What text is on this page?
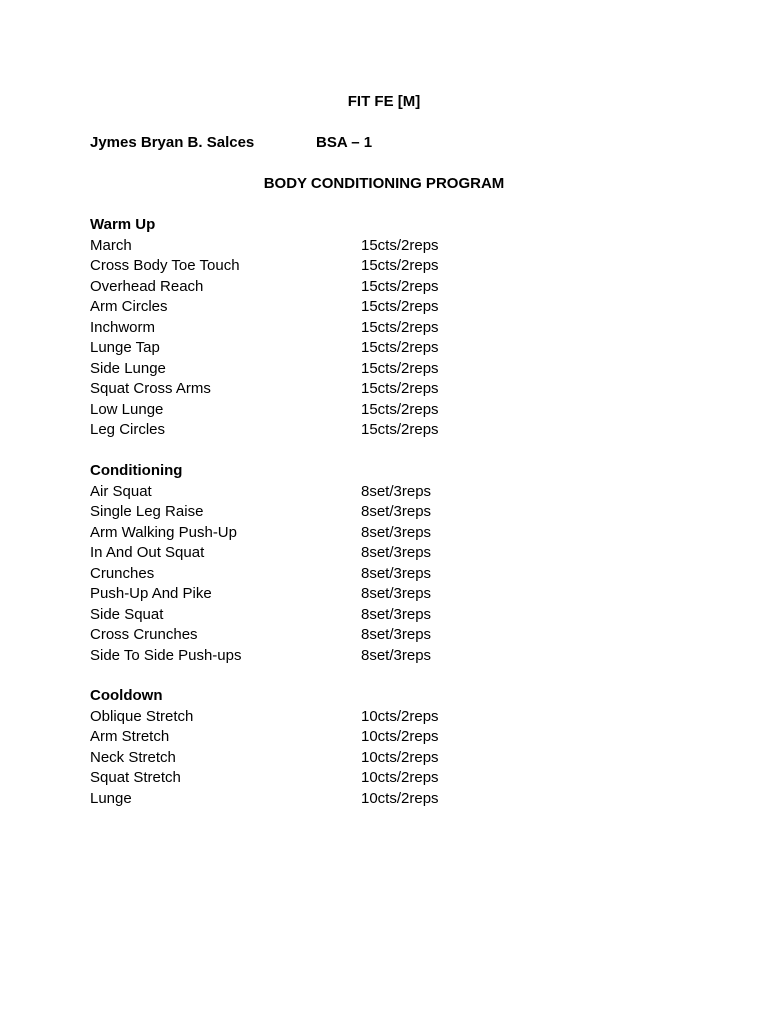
FIT FE [M]
Jymes Bryan B. Salces	BSA – 1
BODY CONDITIONING PROGRAM
Warm Up
March	15cts/2reps
Cross Body Toe Touch	15cts/2reps
Overhead Reach	15cts/2reps
Arm Circles	15cts/2reps
Inchworm	15cts/2reps
Lunge Tap	15cts/2reps
Side Lunge	15cts/2reps
Squat Cross Arms	15cts/2reps
Low Lunge	15cts/2reps
Leg Circles	15cts/2reps
Conditioning
Air Squat	8set/3reps
Single Leg Raise	8set/3reps
Arm Walking Push-Up	8set/3reps
In And Out Squat	8set/3reps
Crunches	8set/3reps
Push-Up And Pike	8set/3reps
Side Squat	8set/3reps
Cross Crunches	8set/3reps
Side To Side Push-ups	8set/3reps
Cooldown
Oblique Stretch	10cts/2reps
Arm Stretch	10cts/2reps
Neck Stretch	10cts/2reps
Squat Stretch	10cts/2reps
Lunge	10cts/2reps
